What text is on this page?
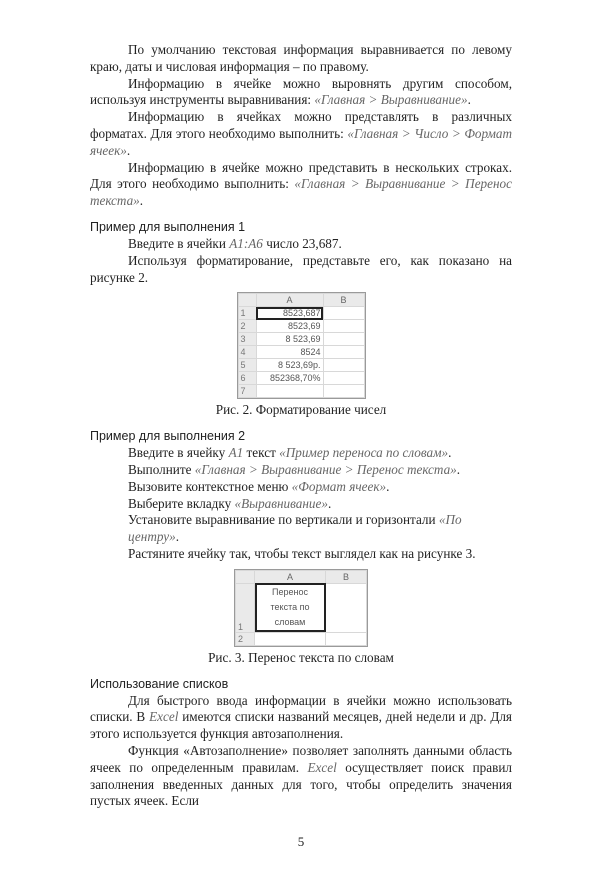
По умолчанию текстовая информация выравнивается по левому краю, даты и числовая информация – по правому.

Информацию в ячейке можно выровнять другим способом, используя инструменты выравнивания: «Главная > Выравнивание».

Информацию в ячейках можно представлять в различных форматах. Для этого необходимо выполнить: «Главная > Число > Формат ячеек».

Информацию в ячейке можно представить в нескольких строках. Для этого необходимо выполнить: «Главная > Выравнивание > Перенос текста».

Пример для выполнения 1

Введите в ячейки A1:A6 число 23,687.

Используя форматирование, представьте его, как показано на рисунке 2.

	A	B
1	8523,687	
2	8523,69	
3	8 523,69	
4	8524	
5	8 523,69р.	
6	852368,70%	
7		
Рис. 2. Форматирование чисел
Пример для выполнения 2

Введите в ячейку A1 текст «Пример переноса по словам».

Выполните «Главная > Выравнивание > Перенос текста».

Вызовите контекстное меню «Формат ячеек».

Выберите вкладку «Выравнивание».

Установите выравнивание по вертикали и горизонтали «По центру».

Растяните ячейку так, чтобы текст выглядел как на рисунке 3.

	A	B
1	Перенос текста по словам	
2		
Рис. 3. Перенос текста по словам
Использование списков

Для быстрого ввода информации в ячейки можно использовать списки. В Excel имеются списки названий месяцев, дней недели и др. Для этого используется функция автозаполнения.

Функция «Автозаполнение» позволяет заполнять данными область ячеек по определенным правилам. Excel осуществляет поиск правил заполнения введенных данных для того, чтобы определить значения пустых ячеек. Если

5
